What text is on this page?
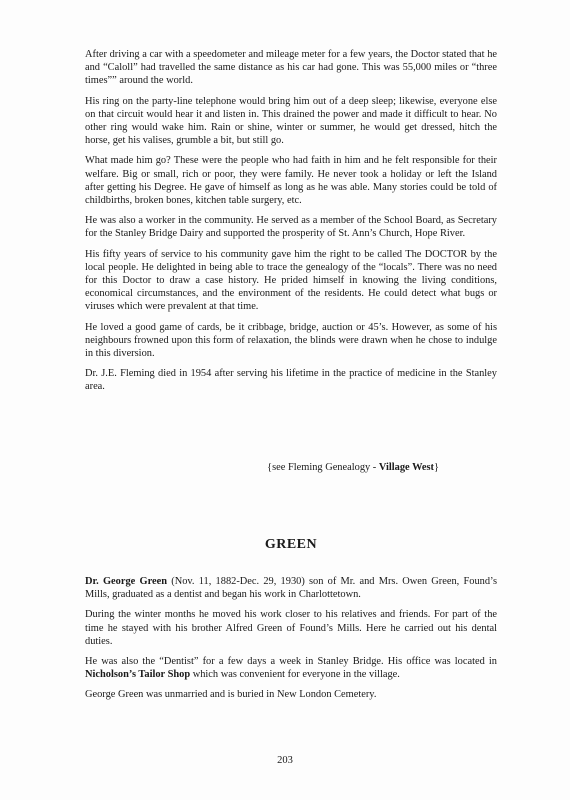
After driving a car with a speedometer and mileage meter for a few years, the Doctor stated that he and “Caloll” had travelled the same distance as his car had gone. This was 55,000 miles or “three times”” around the world.

His ring on the party-line telephone would bring him out of a deep sleep; likewise, everyone else on that circuit would hear it and listen in. This drained the power and made it difficult to hear. No other ring would wake him. Rain or shine, winter or summer, he would get dressed, hitch the horse, get his valises, grumble a bit, but still go.

What made him go? These were the people who had faith in him and he felt responsible for their welfare. Big or small, rich or poor, they were family. He never took a holiday or left the Island after getting his Degree. He gave of himself as long as he was able. Many stories could be told of childbirths, broken bones, kitchen table surgery, etc.

He was also a worker in the community. He served as a member of the School Board, as Secretary for the Stanley Bridge Dairy and supported the prosperity of St. Ann’s Church, Hope River.

His fifty years of service to his community gave him the right to be called The DOCTOR by the local people. He delighted in being able to trace the genealogy of the “locals”. There was no need for this Doctor to draw a case history. He prided himself in knowing the living conditions, economical circumstances, and the environment of the residents. He could detect what bugs or viruses which were prevalent at that time.

He loved a good game of cards, be it cribbage, bridge, auction or 45’s. However, as some of his neighbours frowned upon this form of relaxation, the blinds were drawn when he chose to indulge in this diversion.

Dr. J.E. Fleming died in 1954 after serving his lifetime in the practice of medicine in the Stanley area.

{see Fleming Genealogy - Village West}
GREEN

Dr. George Green (Nov. 11, 1882-Dec. 29, 1930) son of Mr. and Mrs. Owen Green, Found’s Mills, graduated as a dentist and began his work in Charlottetown.

During the winter months he moved his work closer to his relatives and friends. For part of the time he stayed with his brother Alfred Green of Found’s Mills. Here he carried out his dental duties.

He was also the “Dentist” for a few days a week in Stanley Bridge. His office was located in Nicholson’s Tailor Shop which was convenient for everyone in the village.

George Green was unmarried and is buried in New London Cemetery.

203
